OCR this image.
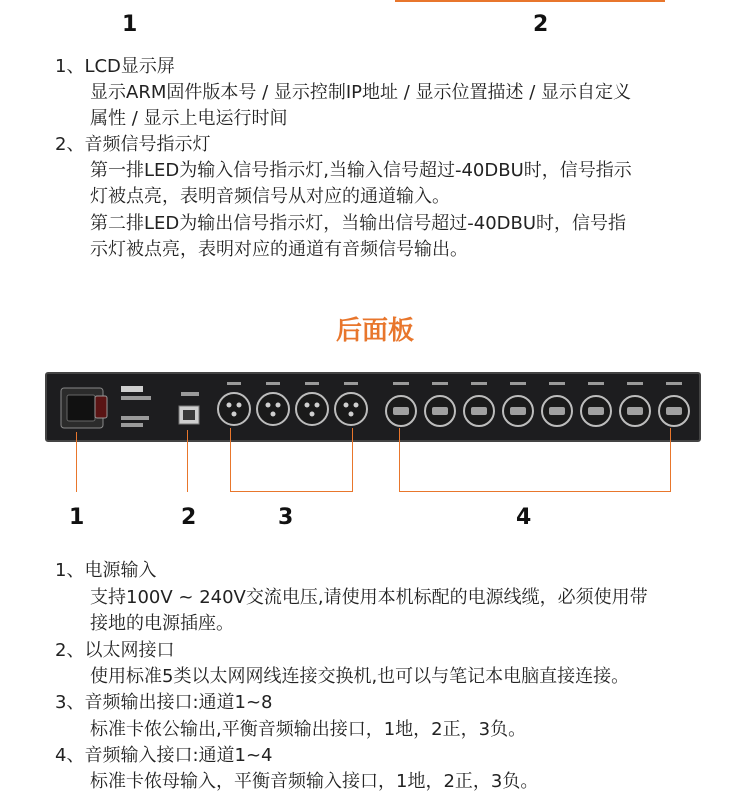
1	2
1、LCD显示屏
显示ARM固件版本号 / 显示控制IP地址 / 显示位置描述 / 显示自定义
属性 / 显示上电运行时间
2、音频信号指示灯
第一排LED为输入信号指示灯,当输入信号超过-40DBU时，信号指示
灯被点亮，表明音频信号从对应的通道输入。
第二排LED为输出信号指示灯，当输出信号超过-40DBU时，信号指
示灯被点亮，表明对应的通道有音频信号输出。
后面板
1	2	3	4
1、电源输入
支持100V ~ 240V交流电压,请使用本机标配的电源线缆，必须使用带
接地的电源插座。
2、以太网接口
使用标准5类以太网网线连接交换机,也可以与笔记本电脑直接连接。
3、音频输出接口:通道1~8
标准卡侬公输出,平衡音频输出接口，1地，2正，3负。
4、音频输入接口:通道1~4
标准卡侬母输入，平衡音频输入接口，1地，2正，3负。
